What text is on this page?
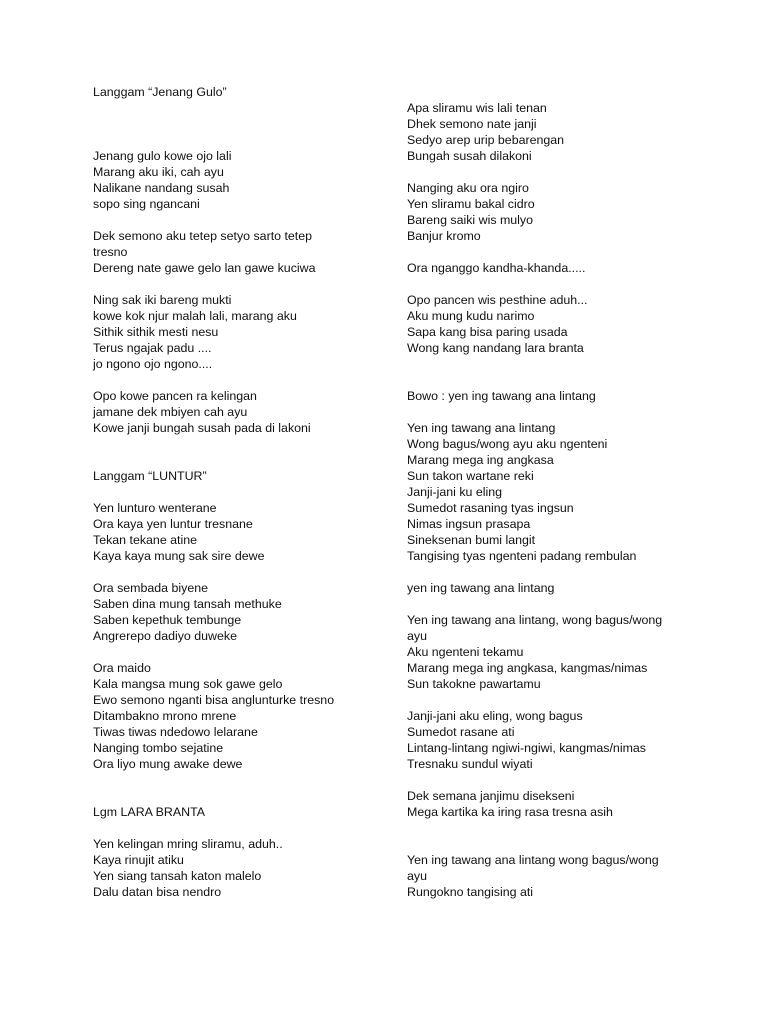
Langgam “Jenang Gulo”
Jenang gulo kowe ojo lali
Marang aku iki, cah ayu
Nalikane nandang susah
sopo sing ngancani
Dek semono aku tetep setyo sarto tetep
tresno
Dereng nate gawe gelo lan gawe kuciwa
Ning sak iki bareng mukti
kowe kok njur malah lali, marang aku
Sithik sithik mesti nesu
Terus ngajak padu ....
jo ngono ojo ngono....
Opo kowe pancen ra kelingan
jamane dek mbiyen cah ayu
Kowe janji bungah susah pada di lakoni
Langgam “LUNTUR”
Yen lunturo wenterane
Ora kaya yen luntur tresnane
Tekan tekane atine
Kaya kaya mung sak sire dewe
Ora sembada biyene
Saben dina mung tansah methuke
Saben kepethuk tembunge
Angrerepo dadiyo duweke
Ora maido
Kala mangsa mung sok gawe gelo
Ewo semono nganti bisa anglunturke tresno
Ditambakno mrono mrene
Tiwas tiwas ndedowo lelarane
Nanging tombo sejatine
Ora liyo mung awake dewe
Lgm LARA BRANTA
Yen kelingan mring sliramu, aduh..
Kaya rinujit atiku
Yen siang tansah katon malelo
Dalu datan bisa nendro
Apa sliramu wis lali tenan
Dhek semono nate janji
Sedyo arep urip bebarengan
Bungah susah dilakoni
Nanging aku ora ngiro
Yen sliramu bakal cidro
Bareng saiki wis mulyo
Banjur kromo
Ora nganggo kandha-khanda.....
Opo pancen wis pesthine aduh...
Aku mung kudu narimo
Sapa kang bisa paring usada
Wong kang nandang lara branta
Bowo : yen ing tawang ana lintang
Yen ing tawang ana lintang
Wong bagus/wong ayu aku ngenteni
Marang mega ing angkasa
Sun takon wartane reki
Janji-jani ku eling
Sumedot rasaning tyas ingsun
Nimas ingsun prasapa
Sineksenan bumi langit
Tangising tyas ngenteni padang rembulan
yen ing tawang ana lintang
Yen ing tawang ana lintang, wong bagus/wong
ayu
Aku ngenteni tekamu
Marang mega ing angkasa, kangmas/nimas
Sun takokne pawartamu
Janji-jani aku eling, wong bagus
Sumedot rasane ati
Lintang-lintang ngiwi-ngiwi, kangmas/nimas
Tresnaku sundul wiyati
Dek semana janjimu disekseni
Mega kartika ka iring rasa tresna asih
Yen ing tawang ana lintang wong bagus/wong
ayu
Rungokno tangising ati
